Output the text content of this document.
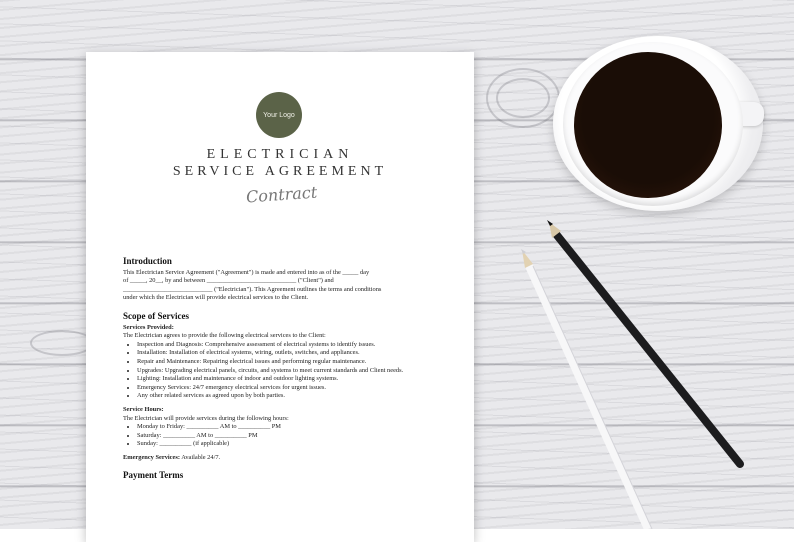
Your Logo
ELECTRICIAN
SERVICE AGREEMENT
Contract
Introduction

This Electrician Service Agreement ("Agreement") is made and entered into as of the _____ day

of _____, 20__, by and between ____________________________ ("Client") and

____________________________ ("Electrician"). This Agreement outlines the terms and conditions

under which the Electrician will provide electrical services to the Client.

Scope of Services

Services Provided:

The Electrician agrees to provide the following electrical services to the Client:

• Inspection and Diagnosis: Comprehensive assessment of electrical systems to identify issues.
• Installation: Installation of electrical systems, wiring, outlets, switches, and appliances.
• Repair and Maintenance: Repairing electrical issues and performing regular maintenance.
• Upgrades: Upgrading electrical panels, circuits, and systems to meet current standards and Client needs.
• Lighting: Installation and maintenance of indoor and outdoor lighting systems.
• Emergency Services: 24/7 emergency electrical services for urgent issues.
• Any other related services as agreed upon by both parties.

Service Hours:

The Electrician will provide services during the following hours:

• Monday to Friday: __________ AM to __________ PM
• Saturday: __________ AM to __________ PM
• Sunday: __________ (if applicable)

Emergency Services: Available 24/7.

Payment Terms
